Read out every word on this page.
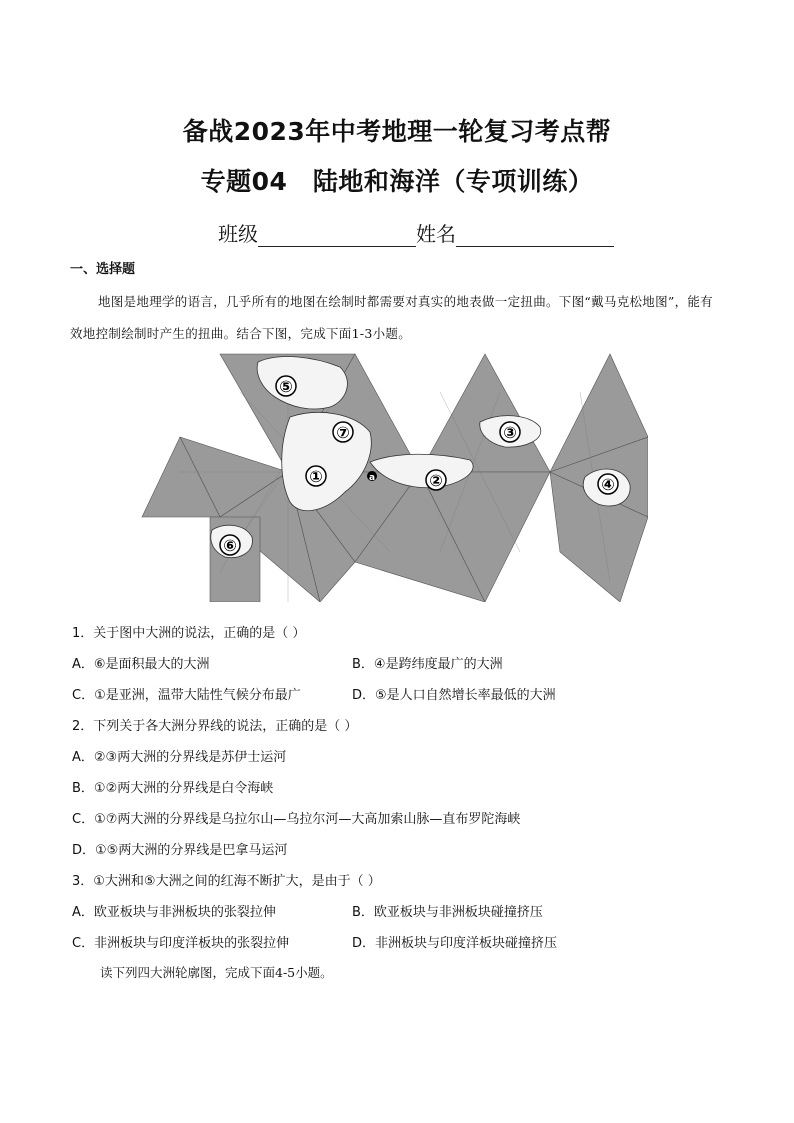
备战2023年中考地理一轮复习考点帮
专题04　陆地和海洋（专项训练）
班级	姓名
一、选择题
地图是地理学的语言，几乎所有的地图在绘制时都需要对真实的地表做一定扭曲。下图“戴马克松地图”，能有效地控制绘制时产生的扭曲。结合下图，完成下面1-3小题。
⑤
⑦	③
①	a	②	④
⑥
1．关于图中大洲的说法，正确的是（ ）
A．⑥是面积最大的大洲	B．④是跨纬度最广的大洲
C．①是亚洲，温带大陆性气候分布最广	D．⑤是人口自然增长率最低的大洲
2．下列关于各大洲分界线的说法，正确的是（ ）
A．②③两大洲的分界线是苏伊士运河
B．①②两大洲的分界线是白令海峡
C．①⑦两大洲的分界线是乌拉尔山—乌拉尔河—大高加索山脉—直布罗陀海峡
D．①⑤两大洲的分界线是巴拿马运河
3．①大洲和⑤大洲之间的红海不断扩大，是由于（ ）
A．欧亚板块与非洲板块的张裂拉伸	B．欧亚板块与非洲板块碰撞挤压
C．非洲板块与印度洋板块的张裂拉伸	D．非洲板块与印度洋板块碰撞挤压
读下列四大洲轮廓图，完成下面4-5小题。
